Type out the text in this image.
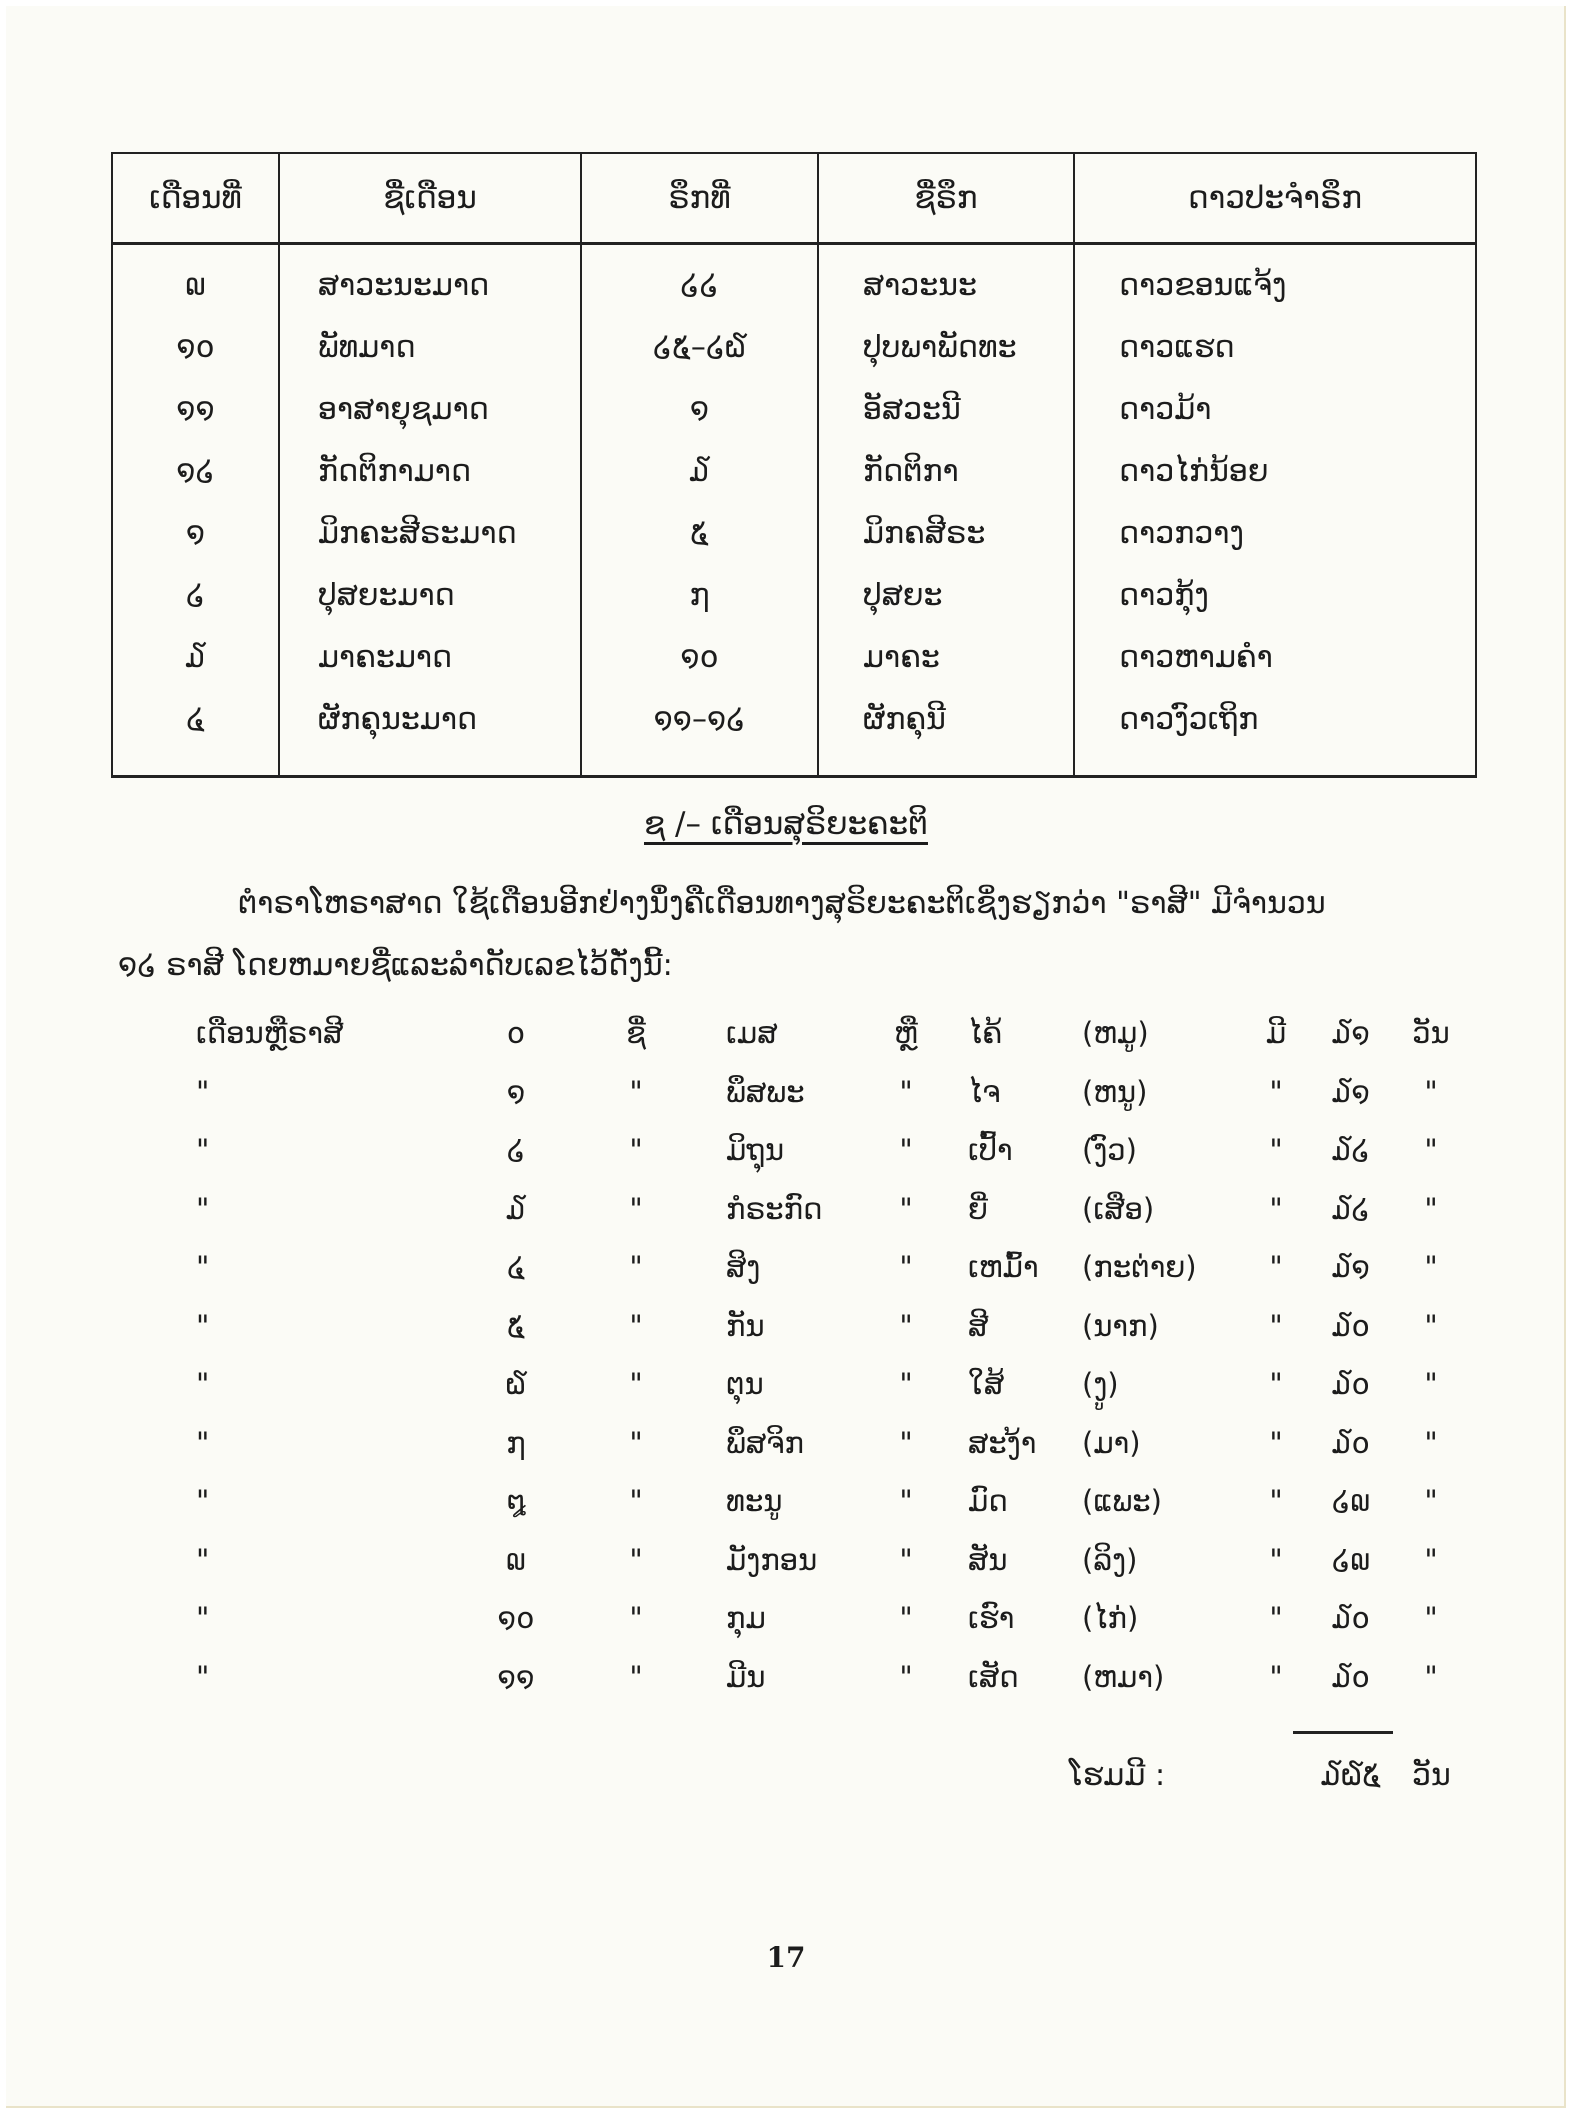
ເດືອນທີ່	ຊື່ເດືອນ	ຣຶກທີ່	ຊື່ຣຶກ	ດາວປະຈຳຣຶກ
໙	ສາວະນະມາດ	໒໒	ສາວະນະ	ດາວຂອນແຈ້ງ
໑໐	ພັທມາດ	໒໕–໒໖	ປຸບພາພັດທະ	ດາວແຮດ
໑໑	ອາສາຍຸຊມາດ	໑	ອັສວະນີ	ດາວມ້າ
໑໒	ກັດຕິກາມາດ	໓	ກັດຕິກາ	ດາວໄກ່ນ້ອຍ
໑	ມິກຄະສີຣະມາດ	໕	ມິກຄສີຣະ	ດາວກວາງ
໒	ປຸສຍະມາດ	໗	ປຸສຍະ	ດາວກຸ້ງ
໓	ມາຄະມາດ	໑໐	ມາຄະ	ດາວຫາມຄຳ
໔	ຜັກຄຸນະມາດ	໑໑–໑໒	ຜັກຄຸນີ	ດາວງົວເຖິກ
ຊ /– ເດືອນສຸຣິຍະຄະຕິ
ຕຳຣາໂຫຣາສາດ ໃຊ້ເດືອນອີກຢ່າງນຶ່ງຄືເດືອນທາງສຸຣິຍະຄະຕິເຊິ່ງຮຽກວ່າ "ຣາສີ" ມີຈຳນວນ
໑໒ ຣາສີ ໂດຍຫມາຍຊື່ແລະລຳດັບເລຂໄວ້ດັ່ງນີ້:
ເດືອນຫຼືຣາສີ	໐	ຊື່	ເມສ	ຫຼື ໄຄ້	(ຫມູ)	ມີ	໓໑	ວັນ
"	໑	"	ພຶສພະ	"	ໄຈ	(ຫນູ)	"	໓໑	"
"	໒	"	ມິຖຸນ	"	ເປົ້າ (ງົວ)	"	໓໒	"
"	໓	"	ກໍຣະກົດ	"	ຍີ່	(ເສືອ)	"	໓໒	"
"	໔	"	ສິງ	"	ເຫມົ້າ (ກະຕ່າຍ)	"	໓໑	"
"	໕	"	ກັນ	"	ສີ	(ນາກ)	"	໓໐	"
"	໖	"	ຕຸນ	"	ໃສ້	(ງູ)	"	໓໐	"
"	໗	"	ພຶສຈິກ	"	ສະງ້າ (ມາ)	"	໓໐	"
"	໘	"	ທະນູ	"	ມົດ	(ແພະ)	"	໒໙	"
"	໙	"	ມັງກອນ	"	ສັນ	(ລິງ)	"	໒໙	"
"	໑໐	"	ກຸມ	"	ເຮົາ (ໄກ່)	"	໓໐	"
"	໑໑	"	ມີນ	"	ເສັດ (ຫມາ)	"	໓໐	"
ໂຮມມີ :	໓໖໕	ວັນ
17
